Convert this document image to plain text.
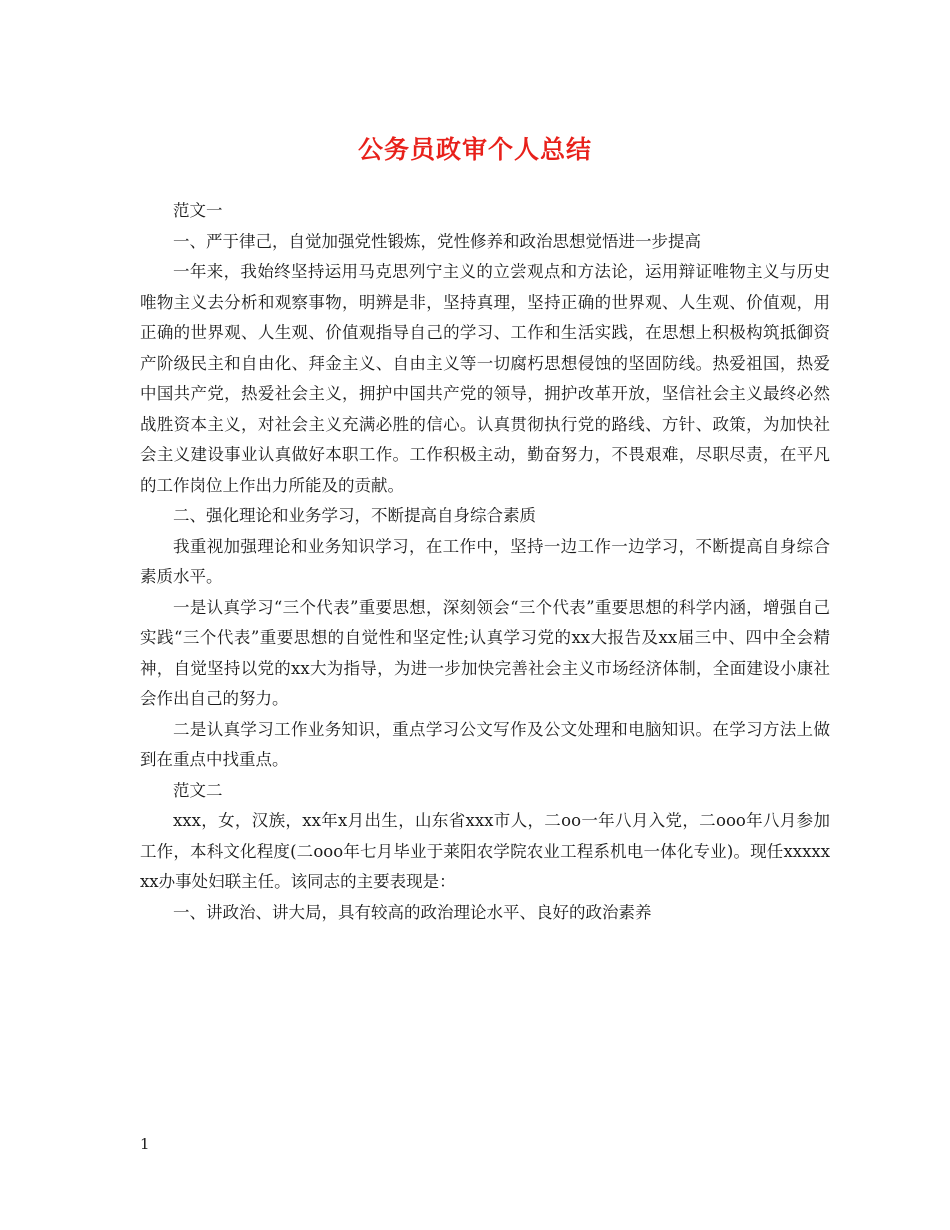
公务员政审个人总结

范文一

一、严于律己，自觉加强党性锻炼，党性修养和政治思想觉悟进一步提高

一年来，我始终坚持运用马克思列宁主义的立尝观点和方法论，运用辩证唯物主义与历史唯物主义去分析和观察事物，明辨是非，坚持真理，坚持正确的世界观、人生观、价值观，用正确的世界观、人生观、价值观指导自己的学习、工作和生活实践，在思想上积极构筑抵御资产阶级民主和自由化、拜金主义、自由主义等一切腐朽思想侵蚀的坚固防线。热爱祖国，热爱中国共产党，热爱社会主义，拥护中国共产党的领导，拥护改革开放，坚信社会主义最终必然战胜资本主义，对社会主义充满必胜的信心。认真贯彻执行党的路线、方针、政策，为加快社会主义建设事业认真做好本职工作。工作积极主动，勤奋努力，不畏艰难，尽职尽责，在平凡的工作岗位上作出力所能及的贡献。

二、强化理论和业务学习，不断提高自身综合素质

我重视加强理论和业务知识学习，在工作中，坚持一边工作一边学习，不断提高自身综合素质水平。

一是认真学习“三个代表”重要思想，深刻领会“三个代表”重要思想的科学内涵，增强自己实践“三个代表”重要思想的自觉性和坚定性;认真学习党的xx大报告及xx届三中、四中全会精神，自觉坚持以党的xx大为指导，为进一步加快完善社会主义市场经济体制，全面建设小康社会作出自己的努力。

二是认真学习工作业务知识，重点学习公文写作及公文处理和电脑知识。在学习方法上做到在重点中找重点。

范文二

xxx，女，汉族，xx年x月出生，山东省xxx市人，二oo一年八月入党，二ooo年八月参加工作，本科文化程度(二ooo年七月毕业于莱阳农学院农业工程系机电一体化专业)。现任xxxxxxx办事处妇联主任。该同志的主要表现是：

一、讲政治、讲大局，具有较高的政治理论水平、良好的政治素养

1
